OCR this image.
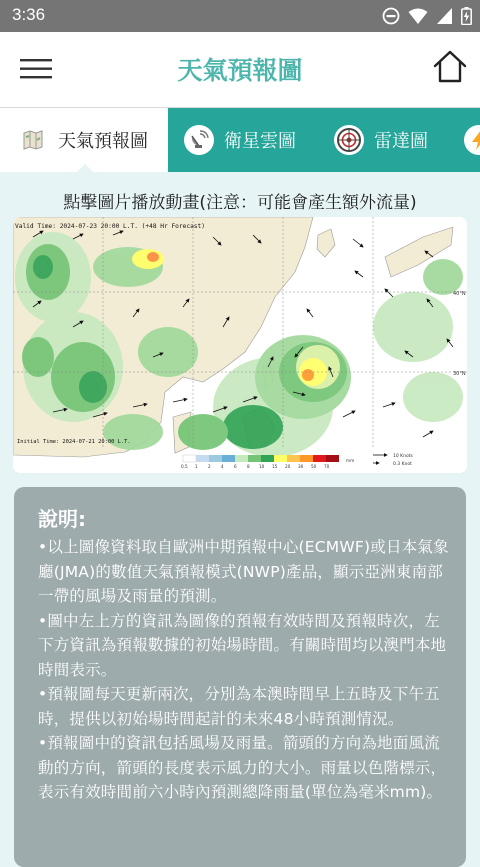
3:36
天氣預報圖
天氣預報圖	衛星雲圖	雷達圖
點擊圖片播放動畫(注意：可能會產生額外流量)
Valid Time: 2024-07-23 20:00 L.T. (+48 Hr Forecast)
Initial Time: 2024-07-21 20:00 L.T.
40°N
30°N
0.5 1 2 4 6 8 10 15 20 30 50 70
mm
10 Knots
0.3 Knot
說明:
•以上圖像資料取自歐洲中期預報中心(ECMWF)或日本氣象廳(JMA)的數值天氣預報模式(NWP)產品，顯示亞洲東南部一帶的風場及雨量的預測。
•圖中左上方的資訊為圖像的預報有效時間及預報時次，左下方資訊為預報數據的初始場時間。有關時間均以澳門本地時間表示。
•預報圖每天更新兩次，分別為本澳時間早上五時及下午五時，提供以初始場時間起計的未來48小時預測情況。
•預報圖中的資訊包括風場及雨量。箭頭的方向為地面風流動的方向，箭頭的長度表示風力的大小。雨量以色階標示，表示有效時間前六小時內預測總降雨量(單位為毫米mm)。
